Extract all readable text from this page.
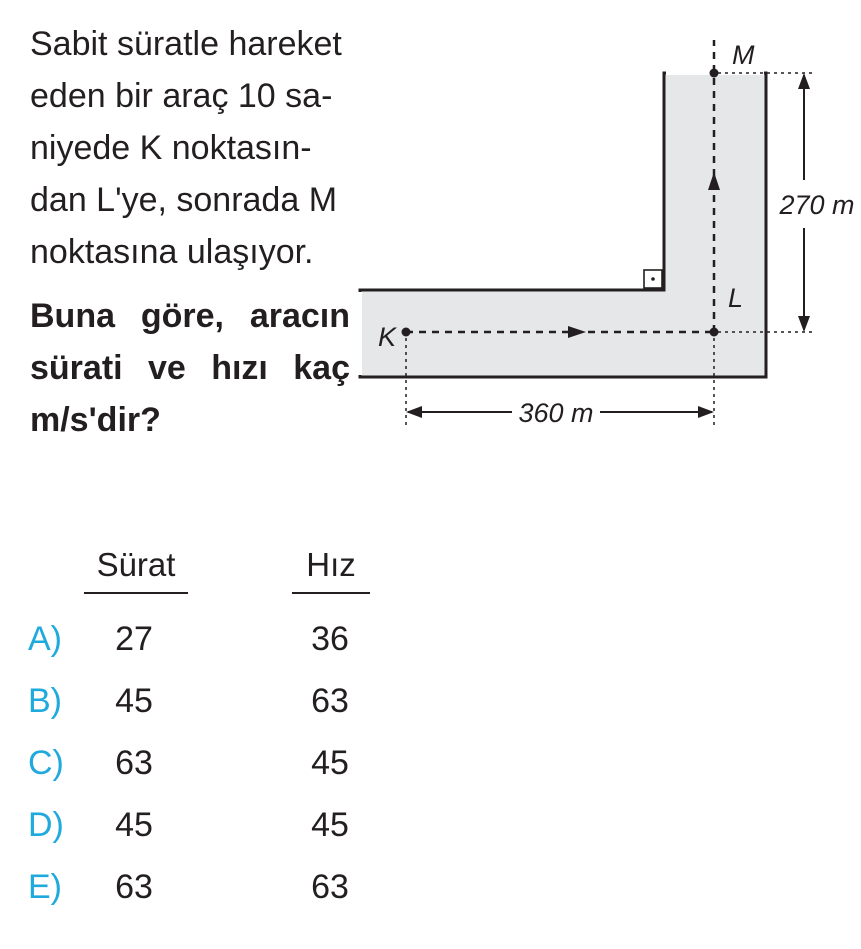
Sabit süratle hareket
eden bir araç 10 sa-
niyede K noktasın-
dan L'ye, sonrada M
noktasına ulaşıyor.

Buna göre, aracın
sürati ve hızı kaç
m/s'dir?

K
L
M
360 m
270 m
Sürat	Hız
A)	27	36
B)	45	63
C)	63	45
D)	45	45
E)	63	63
